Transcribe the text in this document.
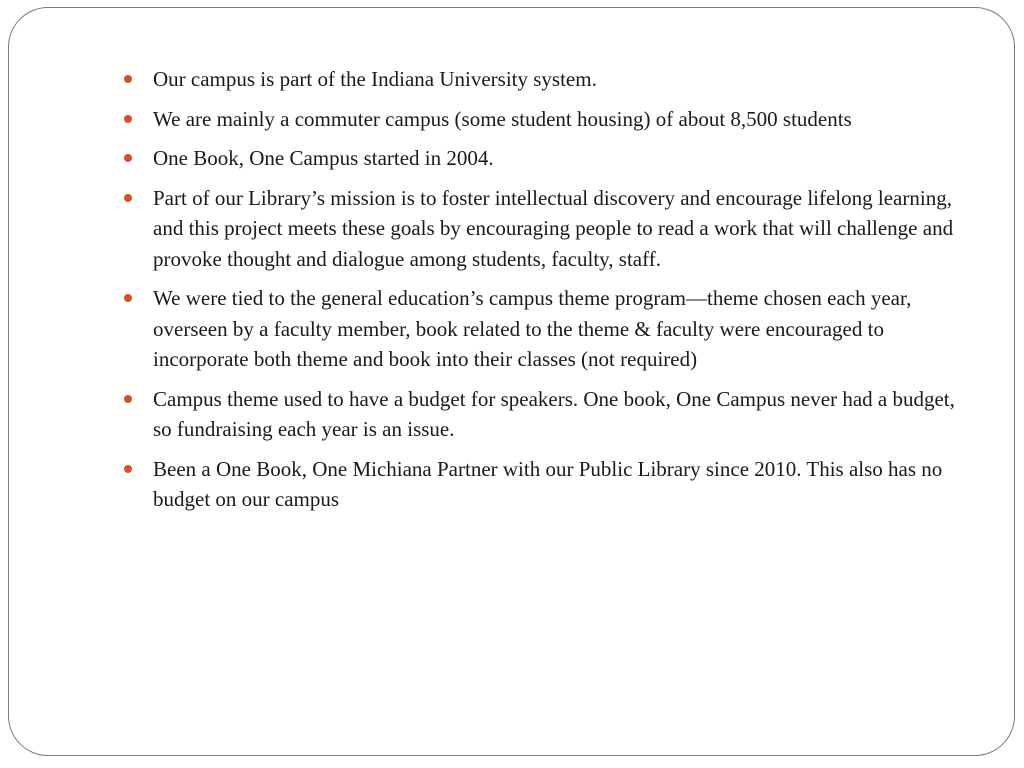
Our campus is part of the Indiana University system.
We are mainly a commuter campus (some student housing) of about 8,500 students
One Book, One Campus started in 2004.
Part of our Library’s mission is to foster intellectual discovery and encourage lifelong learning, and this project meets these goals by encouraging people to read a work that will challenge and provoke thought and dialogue among students, faculty, staff.
We were tied to the general education’s campus theme program—theme chosen each year, overseen by a faculty member, book related to the theme & faculty were encouraged to incorporate both theme and book into their classes (not required)
Campus theme used to have a budget for speakers. One book, One Campus never had a budget, so fundraising each year is an issue.
Been a One Book, One Michiana Partner with our Public Library since 2010. This also has no budget on our campus
